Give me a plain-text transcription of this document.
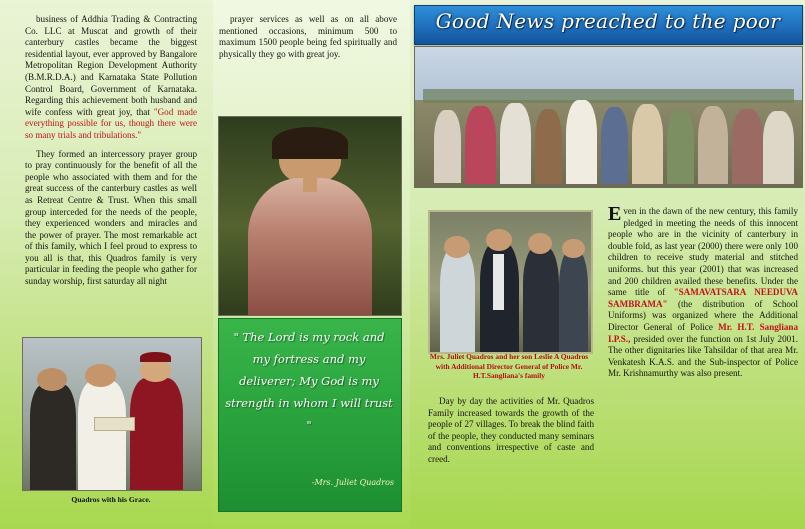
Good News preached to the poor

business of Addhia Trading & Contracting Co. LLC at Muscat and growth of their canterbury castles became the biggest residential layout, ever approved by Bangalore Metropolitan Region Development Authority (B.M.R.D.A.) and Karnataka State Pollution Control Board, Government of Karnataka. Regarding this achievement both husband and wife confess with great joy, that "God made everything possible for us, though there were so many trials and tribulations."

They formed an intercessory prayer group to pray continuously for the benefit of all the people who associated with them and for the great success of the canterbury castles as well as Retreat Centre & Trust. When this small group interceded for the needs of the people, they experienced wonders and miracles and the power of prayer. The most remarkable act of this family, which I feel proud to express to you all is that, this Quadros family is very particular in feeding the people who gather for sunday worship, first saturday all night

prayer services as well as on all above mentioned occasions, minimum 500 to maximum 1500 people being fed spiritually and physically they go with great joy.

" The Lord is my rock and my fortress and my deliverer; My God is my strength in whom I will trust "
-Mrs. Juliet Quadros
Mrs. Juliet Quadros and her son Leslie A Quadros with Additional Director General of Police Mr. H.T.Sangliana's family
Quadros with his Grace.

Day by day the activities of Mr. Quadros Family increased towards the growth of the people of 27 villages. To break the blind faith of the people, they conducted many seminars and conventions irrespective of caste and creed.

Even in the dawn of the new century, this family pledged in meeting the needs of this innocent people who are in the vicinity of canterbury in double fold, as last year (2000) there were only 100 children to receive study material and stitched uniforms. but this year (2001) that was increased and 200 children availed these benefits. Under the same title of "SAMAVATSARA NEEDUVA SAMBRAMA" (the distribution of School Uniforms) was organized where the Additional Director General of Police Mr. H.T. Sangliana I.P.S., presided over the function on 1st July 2001. The other dignitaries like Tahsildar of that area Mr. Venkatesh K.A.S. and the Sub-inspector of Police Mr. Krishnamurthy was also present.
